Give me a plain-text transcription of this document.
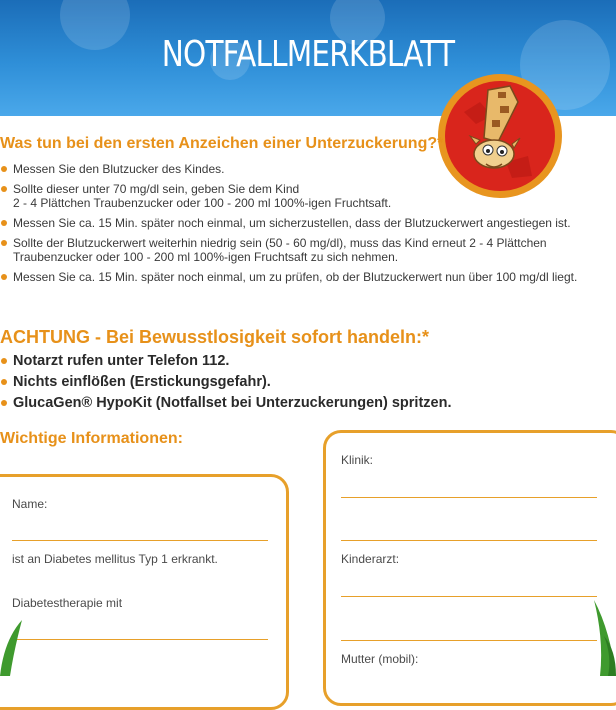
NOTFALLMERKBLATT
Was tun bei den ersten Anzeichen einer Unterzuckerung?*
Messen Sie den Blutzucker des Kindes.
Sollte dieser unter 70 mg/dl sein, geben Sie dem Kind
2 - 4 Plättchen Traubenzucker oder 100 - 200 ml 100%-igen Fruchtsaft.
Messen Sie ca. 15 Min. später noch einmal, um sicherzustellen, dass der Blutzuckerwert angestiegen ist.
Sollte der Blutzuckerwert weiterhin niedrig sein (50 - 60 mg/dl), muss das Kind erneut 2 - 4 Plättchen
Traubenzucker oder 100 - 200 ml 100%-igen Fruchtsaft zu sich nehmen.
Messen Sie ca. 15 Min. später noch einmal, um zu prüfen, ob der Blutzuckerwert nun über 100 mg/dl liegt.
ACHTUNG - Bei Bewusstlosigkeit sofort handeln:*
Notarzt rufen unter Telefon 112.
Nichts einflößen (Erstickungsgefahr).
GlucaGen® HypoKit (Notfallset bei Unterzuckerungen) spritzen.
Wichtige Informationen:
Name:
ist an Diabetes mellitus Typ 1 erkrankt.
Diabetestherapie mit
Klinik:
Kinderarzt:
Mutter (mobil):
